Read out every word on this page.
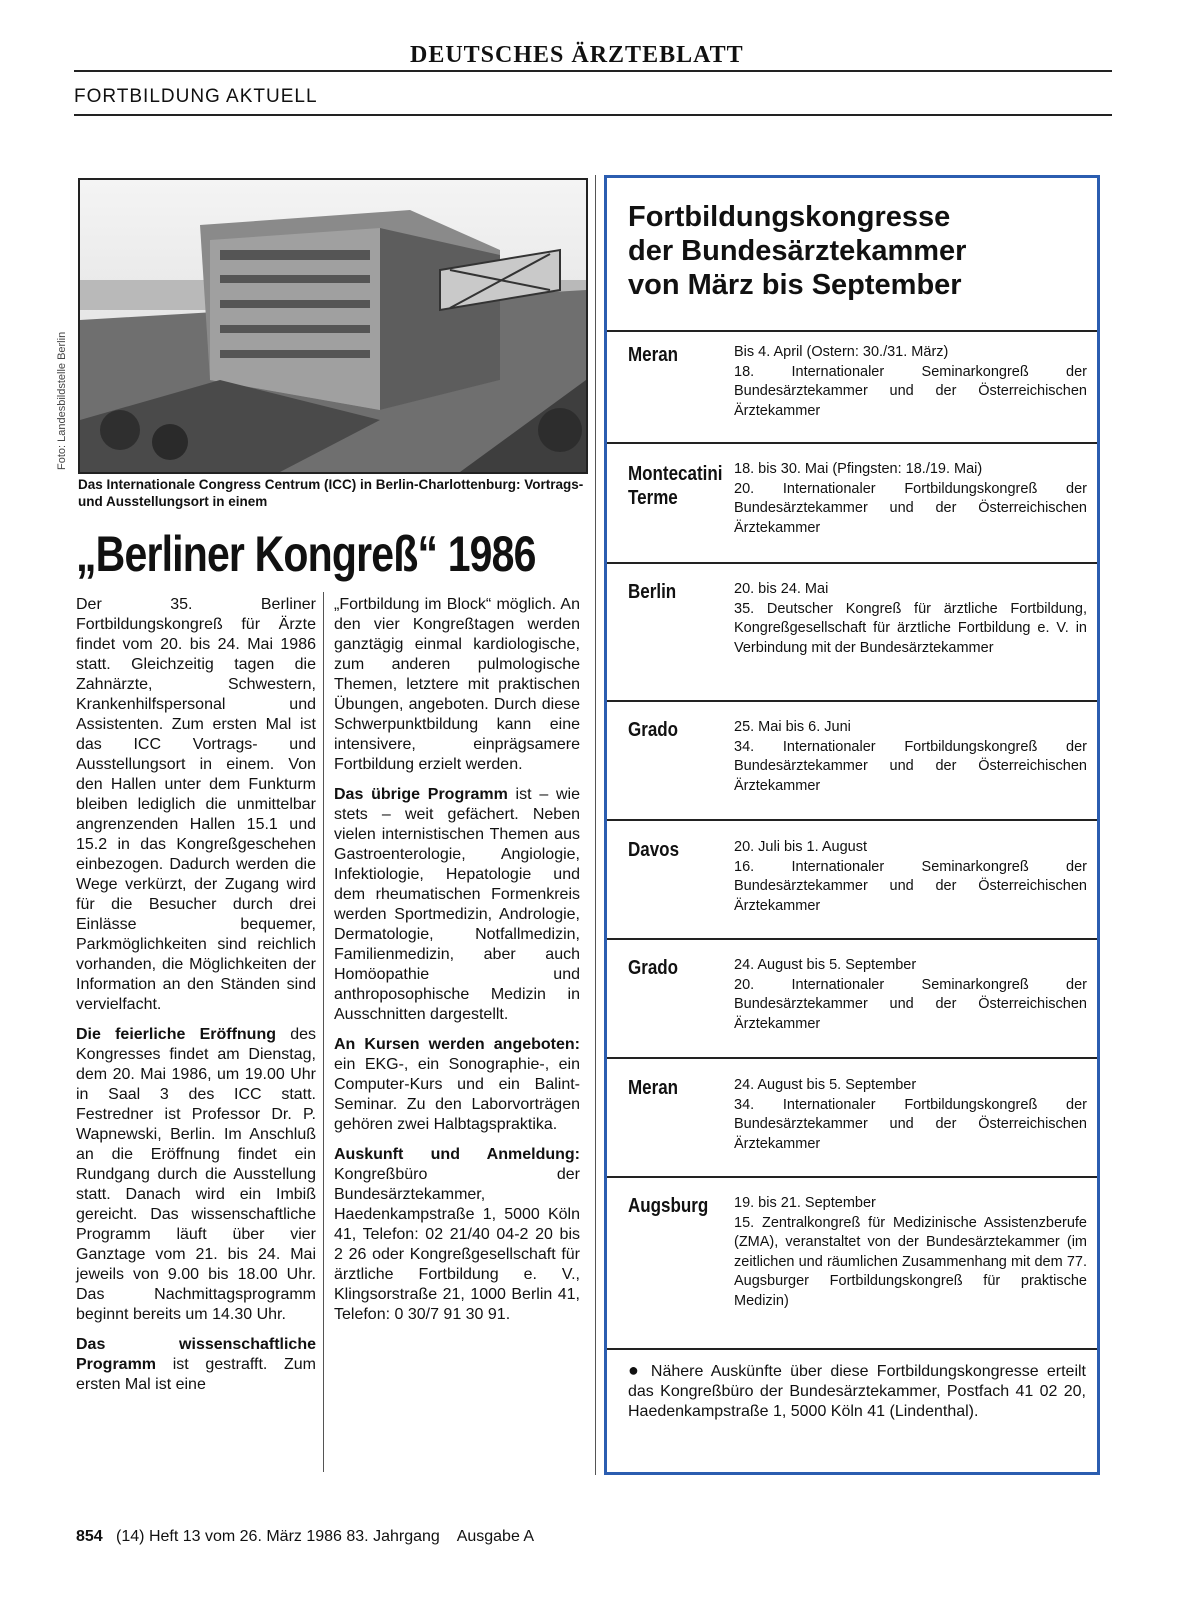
DEUTSCHES ÄRZTEBLATT
FORTBILDUNG AKTUELL
Foto: Landesbildstelle Berlin
Das Internationale Congress Centrum (ICC) in Berlin-Charlottenburg: Vortrags- und Ausstellungsort in einem
„Berliner Kongreß“ 1986

Der 35. Berliner Fortbildungskongreß für Ärzte findet vom 20. bis 24. Mai 1986 statt. Gleichzeitig tagen die Zahnärzte, Schwestern, Krankenhilfspersonal und Assistenten. Zum ersten Mal ist das ICC Vortrags- und Ausstellungsort in einem. Von den Hallen unter dem Funkturm bleiben lediglich die unmittelbar angrenzenden Hallen 15.1 und 15.2 in das Kongreßgeschehen einbezogen. Dadurch werden die Wege verkürzt, der Zugang wird für die Besucher durch drei Einlässe bequemer, Parkmöglichkeiten sind reichlich vorhanden, die Möglichkeiten der Information an den Ständen sind vervielfacht.

Die feierliche Eröffnung des Kongresses findet am Dienstag, dem 20. Mai 1986, um 19.00 Uhr in Saal 3 des ICC statt. Festredner ist Professor Dr. P. Wapnewski, Berlin. Im Anschluß an die Eröffnung findet ein Rundgang durch die Ausstellung statt. Danach wird ein Imbiß gereicht. Das wissenschaftliche Programm läuft über vier Ganztage vom 21. bis 24. Mai jeweils von 9.00 bis 18.00 Uhr. Das Nachmittagsprogramm beginnt bereits um 14.30 Uhr.

Das wissenschaftliche Programm ist gestrafft. Zum ersten Mal ist eine

„Fortbildung im Block“ möglich. An den vier Kongreßtagen werden ganztägig einmal kardiologische, zum anderen pulmologische Themen, letztere mit praktischen Übungen, angeboten. Durch diese Schwerpunktbildung kann eine intensivere, einprägsamere Fortbildung erzielt werden.

Das übrige Programm ist – wie stets – weit gefächert. Neben vielen internistischen Themen aus Gastroenterologie, Angiologie, Infektiologie, Hepatologie und dem rheumatischen Formenkreis werden Sportmedizin, Andrologie, Dermatologie, Notfallmedizin, Familienmedizin, aber auch Homöopathie und anthroposophische Medizin in Ausschnitten dargestellt.

An Kursen werden angeboten: ein EKG-, ein Sonographie-, ein Computer-Kurs und ein Balint-Seminar. Zu den Laborvorträgen gehören zwei Halbtagspraktika.

Auskunft und Anmeldung: Kongreßbüro der Bundesärztekammer, Haedenkampstraße 1, 5000 Köln 41, Telefon: 02 21/40 04-2 20 bis 2 26 oder Kongreßgesellschaft für ärztliche Fortbildung e. V., Klingsorstraße 21, 1000 Berlin 41, Telefon: 0 30/7 91 30 91.

Fortbildungskongresse
der Bundesärztekammer
von März bis September
Meran	Bis 4. April (Ostern: 30./31. März)
18. Internationaler Seminarkongreß der Bundesärztekammer und der Österreichischen Ärztekammer
Montecatini Terme
18. bis 30. Mai (Pfingsten: 18./19. Mai)
20. Internationaler Fortbildungskongreß der Bundesärztekammer und der Österreichischen Ärztekammer
Berlin	20. bis 24. Mai
35. Deutscher Kongreß für ärztliche Fortbildung, Kongreßgesellschaft für ärztliche Fortbildung e. V. in Verbindung mit der Bundesärztekammer
Grado	25. Mai bis 6. Juni
34. Internationaler Fortbildungskongreß der Bundesärztekammer und der Österreichischen Ärztekammer
Davos	20. Juli bis 1. August
16. Internationaler Seminarkongreß der Bundesärztekammer und der Österreichischen Ärztekammer
Grado	24. August bis 5. September
20. Internationaler Seminarkongreß der Bundesärztekammer und der Österreichischen Ärztekammer
Meran	24. August bis 5. September
34. Internationaler Fortbildungskongreß der Bundesärztekammer und der Österreichischen Ärztekammer
Augsburg 19. bis 21. September
15. Zentralkongreß für Medizinische Assistenzberufe (ZMA), veranstaltet von der Bundesärztekammer (im zeitlichen und räumlichen Zusammenhang mit dem 77. Augsburger Fortbildungskongreß für praktische Medizin)
● Nähere Auskünfte über diese Fortbildungskongresse erteilt das Kongreßbüro der Bundesärztekammer, Postfach 41 02 20, Haedenkampstraße 1, 5000 Köln 41 (Lindenthal).
854 (14) Heft 13 vom 26. März 1986 83. Jahrgang Ausgabe A
